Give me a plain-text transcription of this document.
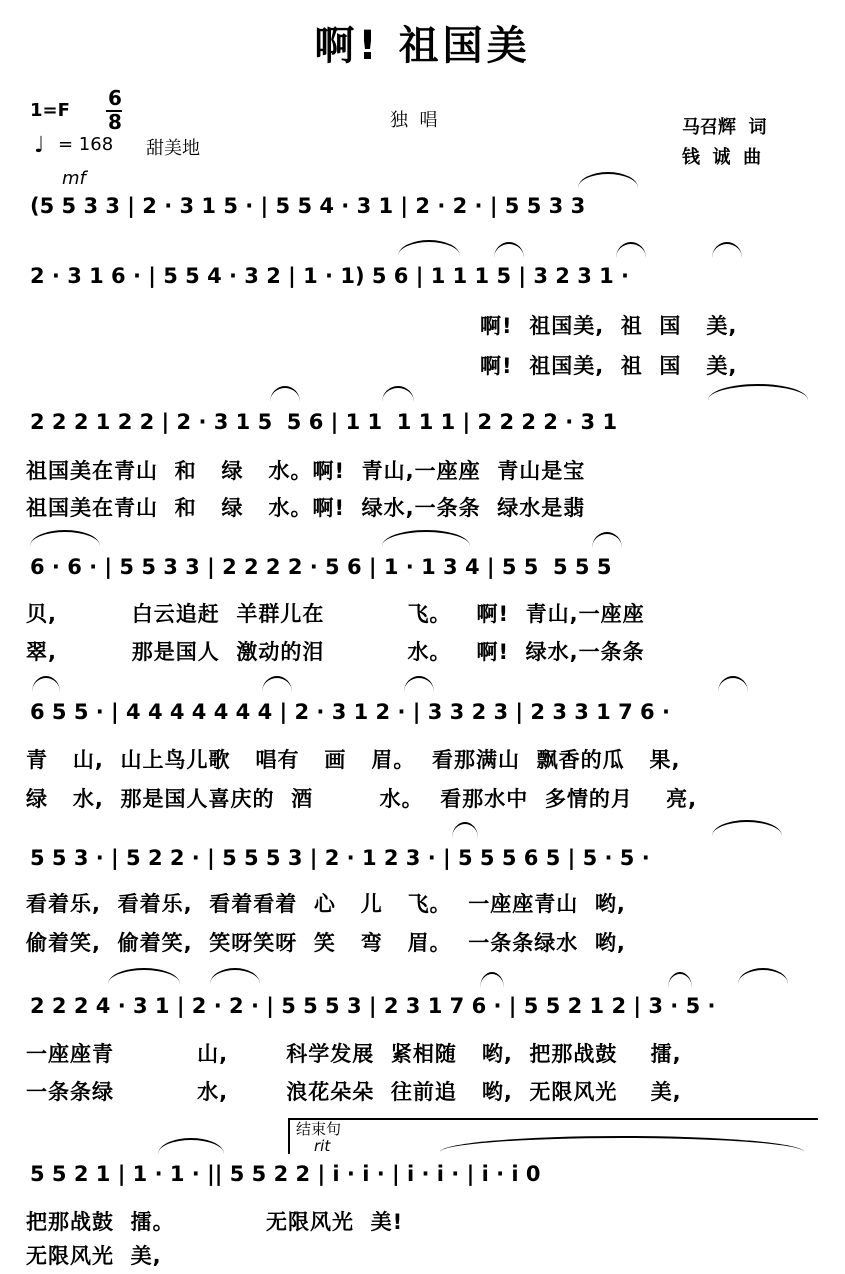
啊! 祖国美
1=F
6
8
♩ = 168 甜美地
独  唱	马召辉  词
钱  诚  曲
mf
(5 5 3 3 | 2 · 3 1 5 · | 5 5 4 · 3 1 | 2 · 2 · | 5 5 3 3
2 · 3 1 6 · | 5 5 4 · 3 2 | 1 · 1) 5 6 | 1 1 1 5 | 3 2 3 1 ·
啊!  祖国美,  祖  国   美,
啊!  祖国美,  祖  国   美,
2 2 2 1 2 2 | 2 · 3 1 5  5 6 | 1 1  1 1 1 | 2 2 2 2 · 3 1
祖国美在青山  和   绿   水。啊!  青山,一座座  青山是宝
祖国美在青山  和   绿   水。啊!  绿水,一条条  绿水是翡
6 · 6 · | 5 5 3 3 | 2 2 2 2 · 5 6 | 1 · 1 3 4 | 5 5  5 5 5
贝,         白云追赶  羊群儿在          飞。   啊!  青山,一座座
翠,         那是国人  激动的泪          水。   啊!  绿水,一条条
6 5 5 · | 4 4 4 4 4 4 4 | 2 · 3 1 2 · | 3 3 2 3 | 2 3 3 1 7 6 ·
青   山,  山上鸟儿歌   唱有   画   眉。  看那满山  飘香的瓜   果,
绿   水,  那是国人喜庆的  酒        水。  看那水中  多情的月    亮,
5 5 3 · | 5 2 2 · | 5 5 5 3 | 2 · 1 2 3 · | 5 5 5 6 5 | 5 · 5 ·
看着乐,  看着乐,  看着看着  心   儿   飞。  一座座青山  哟,
偷着笑,  偷着笑,  笑呀笑呀  笑   弯   眉。  一条条绿水  哟,
2 2 2 4 · 3 1 | 2 · 2 · | 5 5 5 3 | 2 3 1 7 6 · | 5 5 2 1 2 | 3 · 5 ·
一座座青          山,       科学发展  紧相随   哟,  把那战鼓    擂,
一条条绿          水,       浪花朵朵  往前追   哟,  无限风光    美,
结束句
rit
5 5 2 1 | 1 · 1 · || 5 5 2 2 | i · i · | i · i · | i · i 0
把那战鼓  擂。           无限风光  美!
无限风光  美,
